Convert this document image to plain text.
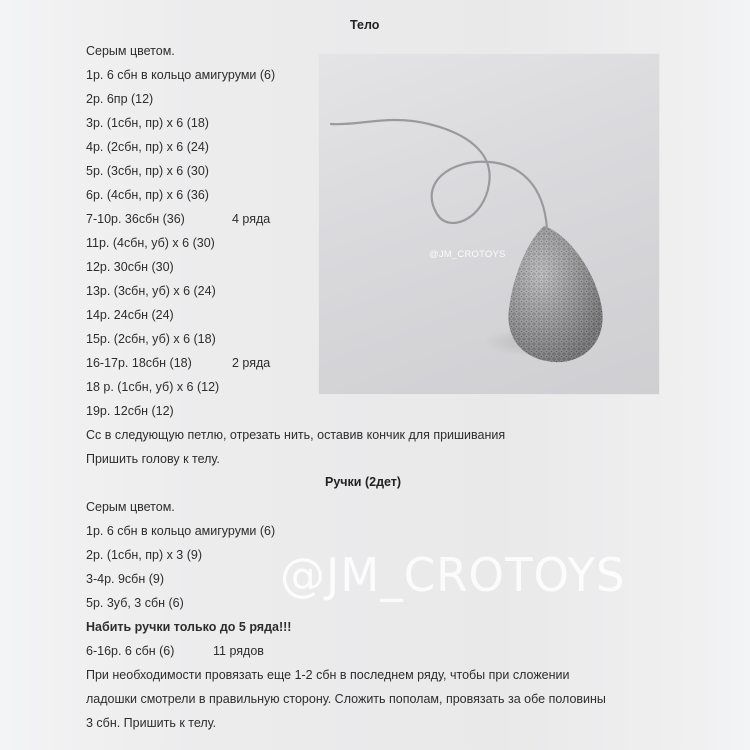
Тело
Серым цветом.
1р. 6 сбн в кольцо амигуруми (6)
2р. 6пр (12)
3р. (1сбн, пр) х 6 (18)
4р. (2сбн, пр) х 6 (24)
5р. (3сбн, пр) х 6 (30)
6р. (4сбн, пр) х 6 (36)
7-10р. 36сбн (36)	4 ряда
11р. (4сбн, уб) х 6 (30)
12р. 30сбн (30)
13р. (3сбн, уб) х 6 (24)
14р. 24сбн (24)
15р. (2сбн, уб) х 6 (18)
16-17р. 18сбн (18)	2 ряда
18 р. (1сбн, уб) х 6 (12)
19р. 12сбн (12)
Сс в следующую петлю, отрезать нить, оставив кончик для пришивания
Пришить голову к телу.
Ручки (2дет)
Серым цветом.
1р. 6 сбн в кольцо амигуруми (6)
2р. (1сбн, пр) х 3 (9)
3-4р. 9сбн (9)
5р. 3уб, 3 сбн (6)
Набить ручки только до 5 ряда!!!
6-16р. 6 сбн (6)	11 рядов
При необходимости провязать еще 1-2 сбн в последнем ряду, чтобы при сложении
ладошки смотрели в правильную сторону. Сложить пополам, провязать за обе половины
3 сбн. Пришить к телу.
@JM_CROTOYS
@JM_CROTOYS
